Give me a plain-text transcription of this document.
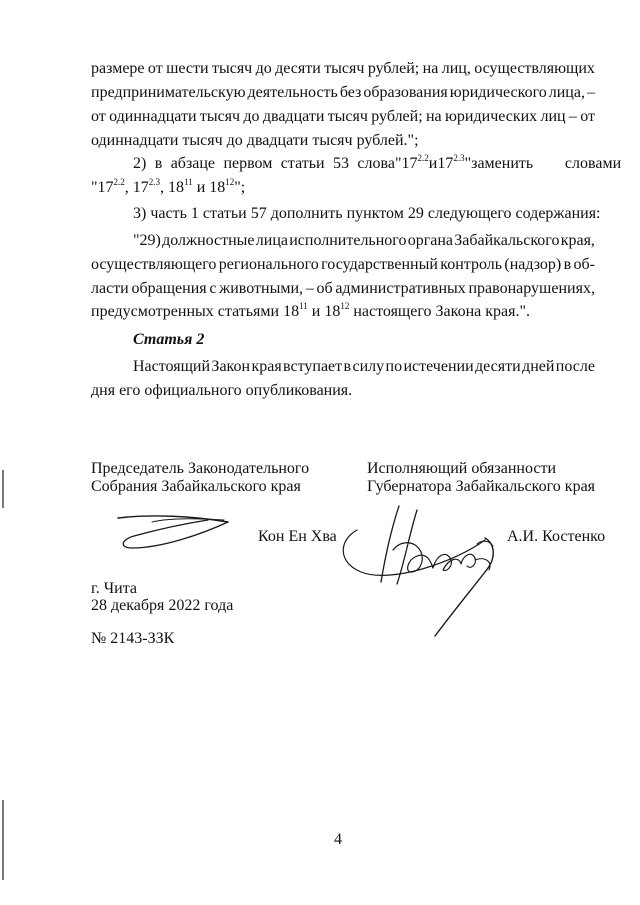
размере от шести тысяч до десяти тысяч рублей; на лиц, осуществляющих
предпринимательскую деятельность без образования юридического лица, –
от одиннадцати тысяч до двадцати тысяч рублей; на юридических лиц – от
одиннадцати тысяч до двадцати тысяч рублей.";
2) в абзаце первом статьи 53 слова "$17^{2.2}$ и $17^{2.3}$" заменить словами
"$17^{2.2}$, $17^{2.3}$, $18^{11}$ и $18^{12}$";
3) часть 1 статьи 57 дополнить пунктом 29 следующего содержания:
"29) должностные лица исполнительного органа Забайкальского края,
осуществляющего регионального государственный контроль (надзор) в об-
ласти обращения с животными, – об административных правонарушениях,
предусмотренных статьями $18^{11}$ и $18^{12}$ настоящего Закона края.".
Статья 2
Настоящий Закон края вступает в силу по истечении десяти дней после
дня его официального опубликования.
Председатель Законодательного
Собрания Забайкальского края
Исполняющий обязанности
Губернатора Забайкальского края
Кон Ен Хва	А.И. Костенко
г. Чита
28 декабря 2022 года
№ 2143-ЗЗК
4
